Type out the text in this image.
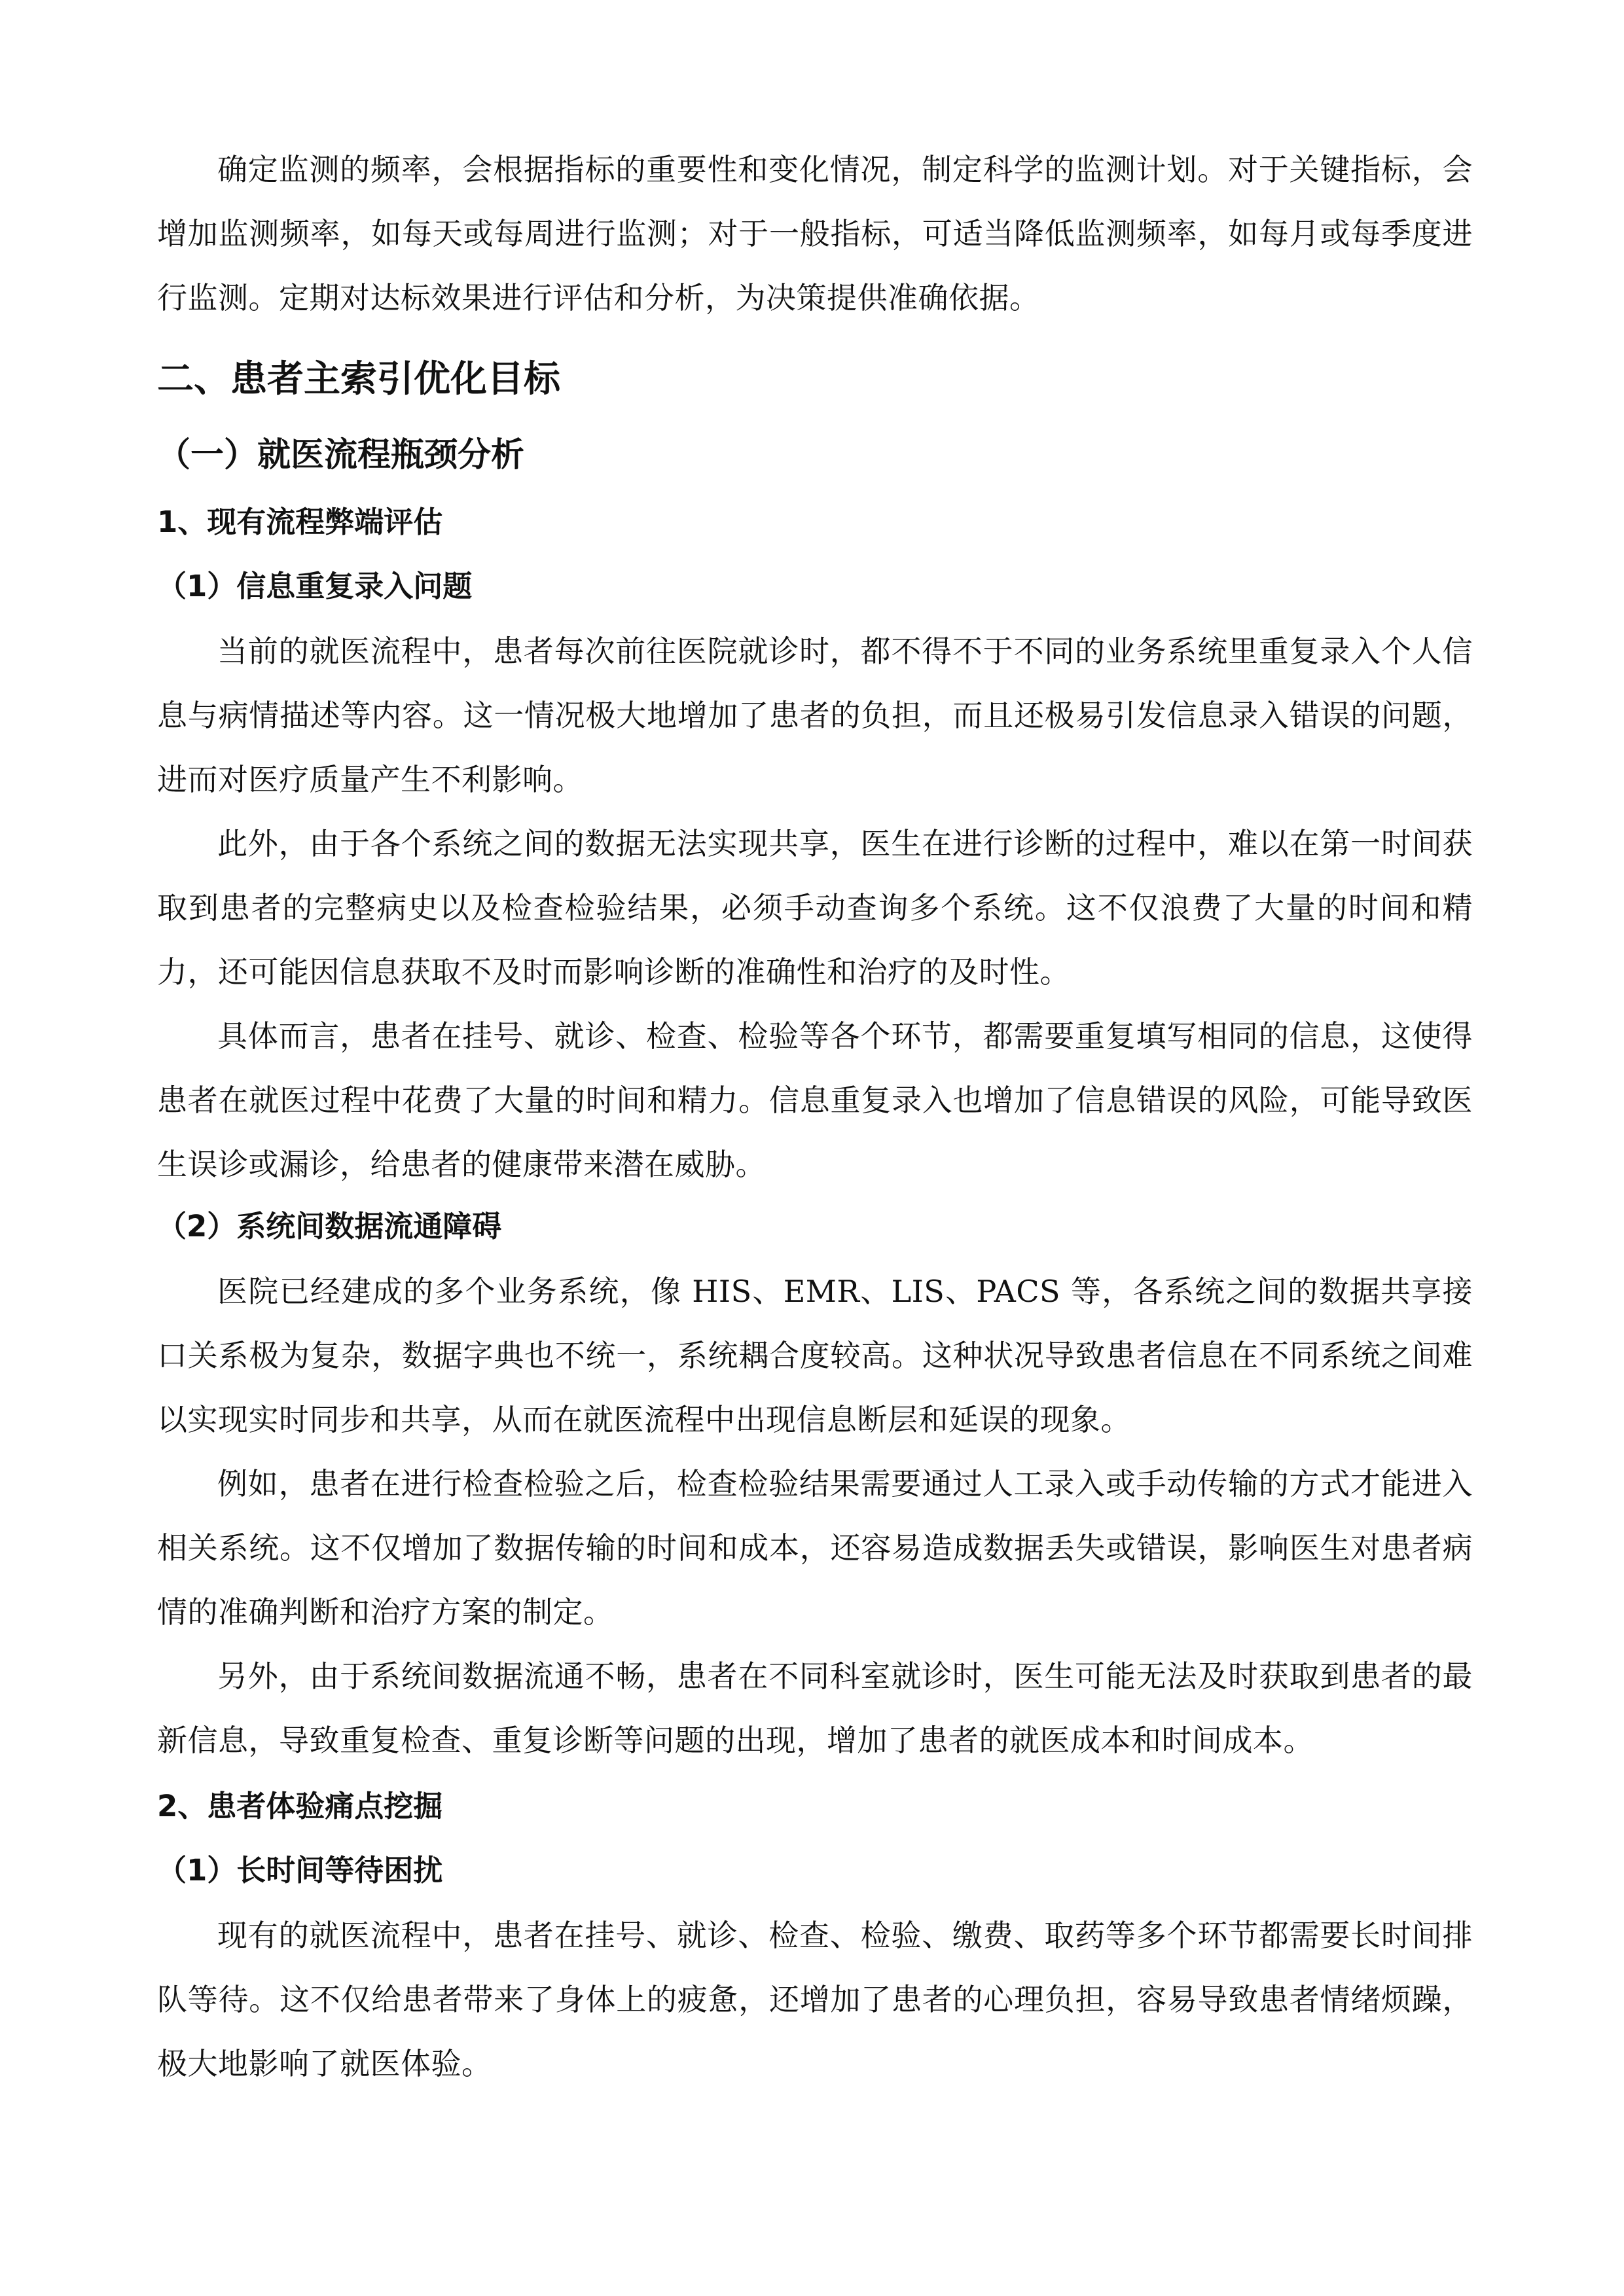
确定监测的频率，会根据指标的重要性和变化情况，制定科学的监测计划。对于关键指标，会增加监测频率，如每天或每周进行监测；对于一般指标，可适当降低监测频率，如每月或每季度进行监测。定期对达标效果进行评估和分析，为决策提供准确依据。

二、患者主索引优化目标
（一）就医流程瓶颈分析
1、现有流程弊端评估
（1）信息重复录入问题

当前的就医流程中，患者每次前往医院就诊时，都不得不于不同的业务系统里重复录入个人信息与病情描述等内容。这一情况极大地增加了患者的负担，而且还极易引发信息录入错误的问题，进而对医疗质量产生不利影响。

此外，由于各个系统之间的数据无法实现共享，医生在进行诊断的过程中，难以在第一时间获取到患者的完整病史以及检查检验结果，必须手动查询多个系统。这不仅浪费了大量的时间和精力，还可能因信息获取不及时而影响诊断的准确性和治疗的及时性。

具体而言，患者在挂号、就诊、检查、检验等各个环节，都需要重复填写相同的信息，这使得患者在就医过程中花费了大量的时间和精力。信息重复录入也增加了信息错误的风险，可能导致医生误诊或漏诊，给患者的健康带来潜在威胁。

（2）系统间数据流通障碍

医院已经建成的多个业务系统，像 HIS、EMR、LIS、PACS 等，各系统之间的数据共享接口关系极为复杂，数据字典也不统一，系统耦合度较高。这种状况导致患者信息在不同系统之间难以实现实时同步和共享，从而在就医流程中出现信息断层和延误的现象。

例如，患者在进行检查检验之后，检查检验结果需要通过人工录入或手动传输的方式才能进入相关系统。这不仅增加了数据传输的时间和成本，还容易造成数据丢失或错误，影响医生对患者病情的准确判断和治疗方案的制定。

另外，由于系统间数据流通不畅，患者在不同科室就诊时，医生可能无法及时获取到患者的最新信息，导致重复检查、重复诊断等问题的出现，增加了患者的就医成本和时间成本。

2、患者体验痛点挖掘
（1）长时间等待困扰

现有的就医流程中，患者在挂号、就诊、检查、检验、缴费、取药等多个环节都需要长时间排队等待。这不仅给患者带来了身体上的疲惫，还增加了患者的心理负担，容易导致患者情绪烦躁，极大地影响了就医体验。
